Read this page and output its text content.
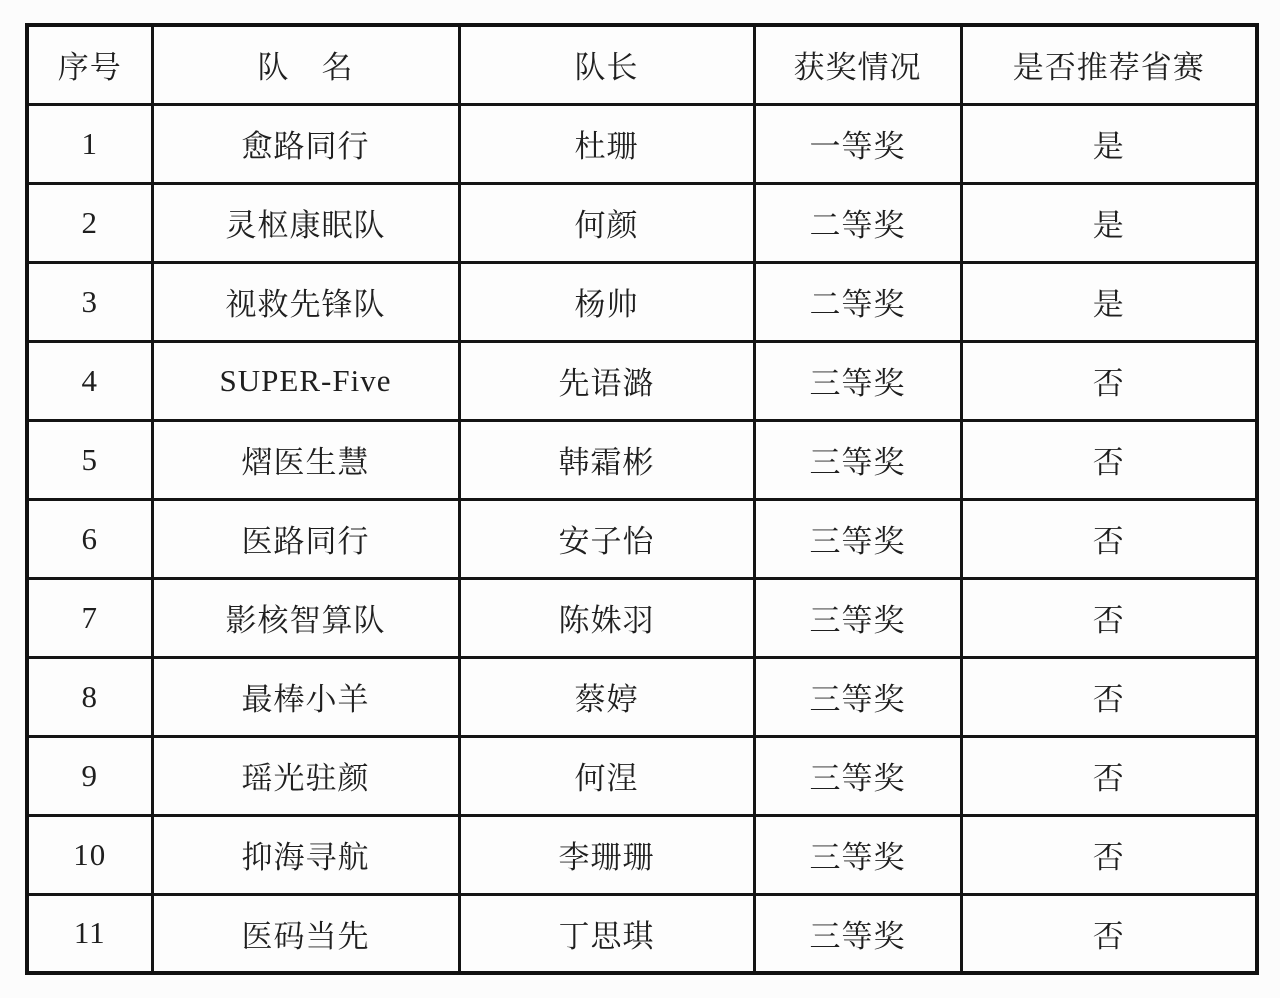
序号	队　名	队长	获奖情况	是否推荐省赛
1	愈路同行	杜珊	一等奖	是
2	灵枢康眠队	何颜	二等奖	是
3	视救先锋队	杨帅	二等奖	是
4	SUPER-Five	先语潞	三等奖	否
5	熠医生慧	韩霜彬	三等奖	否
6	医路同行	安子怡	三等奖	否
7	影核智算队	陈姝羽	三等奖	否
8	最棒小羊	蔡婷	三等奖	否
9	瑶光驻颜	何涅	三等奖	否
10	抑海寻航	李珊珊	三等奖	否
11	医码当先	丁思琪	三等奖	否
